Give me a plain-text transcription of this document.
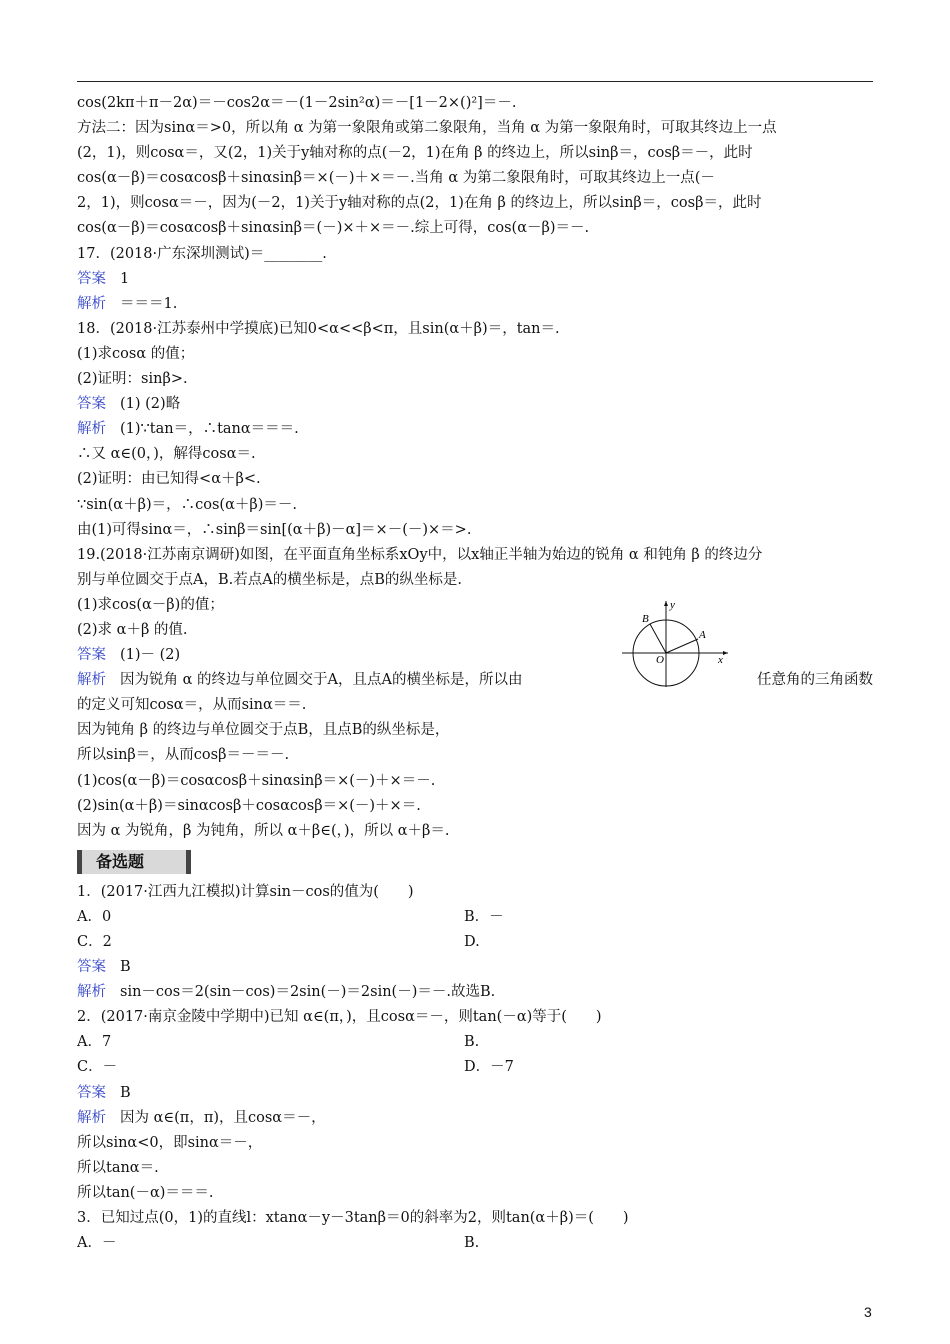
cos(2kπ＋π－2α)＝－cos2α＝－(1－2sin²α)＝－[1－2×()²]＝－.
方法二：因为sinα＝>0，所以角 α 为第一象限角或第二象限角，当角 α 为第一象限角时，可取其终边上一点
(2，1)，则cosα＝，又(2，1)关于y轴对称的点(－2，1)在角 β 的终边上，所以sinβ＝，cosβ＝－，此时
cos(α－β)＝cosαcosβ＋sinαsinβ＝×(－)＋×＝－.当角 α 为第二象限角时，可取其终边上一点(－
2，1)，则cosα＝－，因为(－2，1)关于y轴对称的点(2，1)在角 β 的终边上，所以sinβ＝，cosβ＝，此时
cos(α－β)＝cosαcosβ＋sinαsinβ＝(－)×＋×＝－.综上可得，cos(α－β)＝－.
17．(2018·广东深圳测试)＝________.
答案 1
解析 ＝＝＝1.
18．(2018·江苏泰州中学摸底)已知0<α<<β<π，且sin(α＋β)＝，tan＝.
(1)求cosα 的值；
(2)证明：sinβ>.
答案 (1) (2)略
解析 (1)∵tan＝，∴tanα＝＝＝.
∴又 α∈(0，)，解得cosα＝.
(2)证明：由已知得<α＋β<.
∵sin(α＋β)＝，∴cos(α＋β)＝－.
由(1)可得sinα＝，∴sinβ＝sin[(α＋β)－α]＝×－(－)×＝>.
19.(2018·江苏南京调研)如图，在平面直角坐标系xOy中，以x轴正半轴为始边的锐角 α 和钝角 β 的终边分
别与单位圆交于点A，B.若点A的横坐标是，点B的纵坐标是.
(1)求cos(α－β)的值；
(2)求 α＋β 的值.
答案 (1)－ (2)
解析 因为锐角 α 的终边与单位圆交于A，且点A的横坐标是，所以由	任意角的三角函数
的定义可知cosα＝，从而sinα＝＝.
因为钝角 β 的终边与单位圆交于点B，且点B的纵坐标是，
所以sinβ＝，从而cosβ＝－＝－.
(1)cos(α－β)＝cosαcosβ＋sinαsinβ＝×(－)＋×＝－.
(2)sin(α＋β)＝sinαcosβ＋cosαcosβ＝×(－)＋×＝.
因为 α 为锐角，β 为钝角，所以 α＋β∈(，)，所以 α＋β＝.
备选题
1．(2017·江西九江模拟)计算sin－cos的值为(　　)
A．0	B．－
C．2	D.
答案 B
解析 sin－cos＝2(sin－cos)＝2sin(－)＝2sin(－)＝－.故选B.
2．(2017·南京金陵中学期中)已知 α∈(π，)，且cosα＝－，则tan(－α)等于(　　)
A．7	B.
C．－	D．－7
答案 B
解析 因为 α∈(π，π)，且cosα＝－，
所以sinα<0，即sinα＝－，
所以tanα＝.
所以tan(－α)＝＝＝.
3．已知过点(0，1)的直线l：xtanα－y－3tanβ＝0的斜率为2，则tan(α＋β)＝(　　)
A．－	B.
B
y
A
O	x
3
